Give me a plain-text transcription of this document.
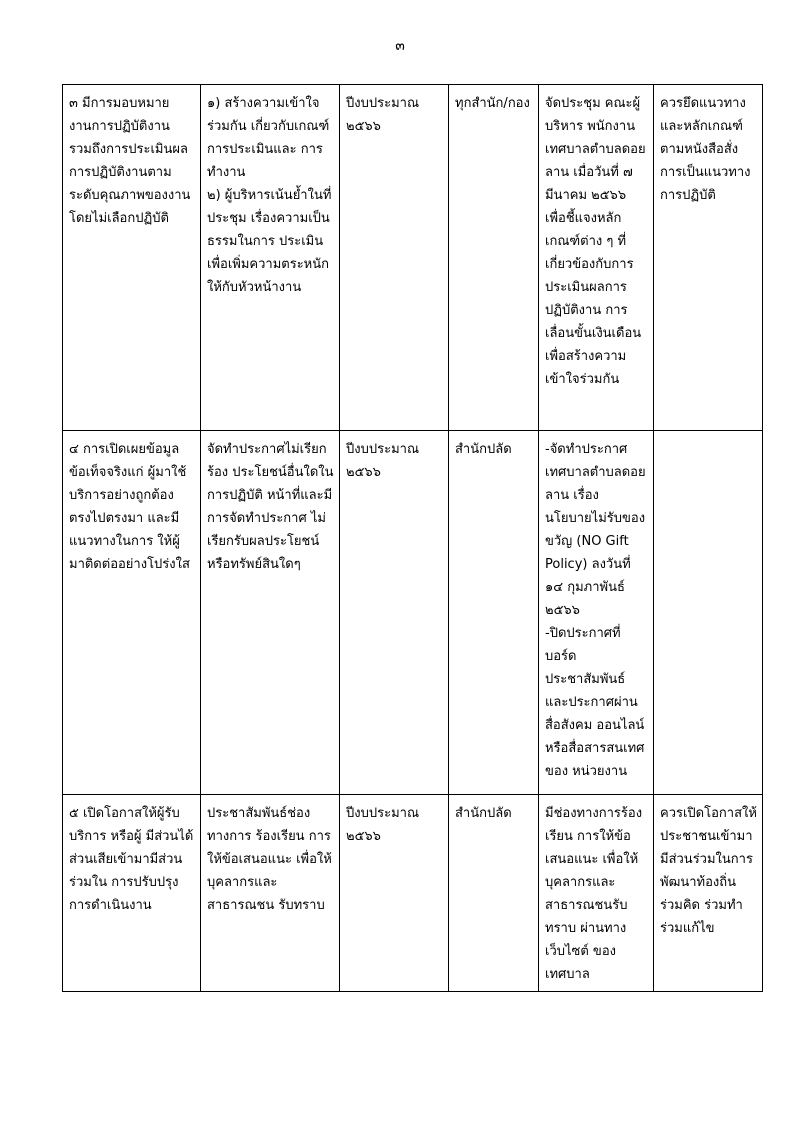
๓
๓ มีการมอบหมายงานการปฏิบัติงาน รวมถึงการประเมินผลการปฏิบัติงานตามระดับคุณภาพของงาน โดยไม่เลือกปฏิบัติ	๑) สร้างความเข้าใจร่วมกัน เกี่ยวกับเกณฑ์การประเมินและ การทำงาน
๒) ผู้บริหารเน้นย้ำในที่ประชุม เรื่องความเป็นธรรมในการ ประเมิน เพื่อเพิ่มความตระหนักให้กับหัวหน้างาน	ปีงบประมาณ ๒๕๖๖	ทุกสำนัก/กอง	จัดประชุม คณะผู้บริหาร พนักงานเทศบาลตำบลดอยลาน เมื่อวันที่ ๗ มีนาคม ๒๕๖๖ เพื่อชี้แจงหลักเกณฑ์ต่าง ๆ ที่เกี่ยวข้องกับการประเมินผลการปฏิบัติงาน การเลื่อนขั้นเงินเดือน เพื่อสร้างความเข้าใจร่วมกัน	ควรยึดแนวทางและหลักเกณฑ์ตามหนังสือสั่งการเป็นแนวทางการปฏิบัติ

๔ การเปิดเผยข้อมูลข้อเท็จจริงแก่ ผู้มาใช้บริการอย่างถูกต้องตรงไปตรงมา และมีแนวทางในการ ให้ผู้มาติดต่ออย่างโปร่งใส	จัดทำประกาศไม่เรียกร้อง ประโยชน์อื่นใดในการปฏิบัติ หน้าที่และมีการจัดทำประกาศ ไม่เรียกรับผลประโยชน์หรือทรัพย์สินใดๆ	ปีงบประมาณ ๒๕๖๖	สำนักปลัด	-จัดทำประกาศเทศบาลตำบลดอยลาน เรื่อง นโยบายไม่รับของขวัญ (NO Gift Policy) ลงวันที่ ๑๔ กุมภาพันธ์ ๒๕๖๖
-ปิดประกาศที่บอร์ด ประชาสัมพันธ์และประกาศผ่านสื่อสังคม ออนไลน์หรือสื่อสารสนเทศของ หน่วยงาน	

๕ เปิดโอกาสให้ผู้รับบริการ หรือผู้ มีส่วนได้ส่วนเสียเข้ามามีส่วนร่วมใน การปรับปรุงการดำเนินงาน	ประชาสัมพันธ์ช่องทางการ ร้องเรียน การให้ข้อเสนอแนะ เพื่อให้บุคลากรและสาธารณชน รับทราบ	ปีงบประมาณ ๒๕๖๖	สำนักปลัด	มีช่องทางการร้องเรียน การให้ข้อเสนอแนะ เพื่อให้บุคลากรและสาธารณชนรับทราบ ผ่านทางเว็บไซต์ ของเทศบาล	ควรเปิดโอกาสให้ประชาชนเข้ามามีส่วนร่วมในการพัฒนาท้องถิ่น ร่วมคิด ร่วมทำ ร่วมแก้ไข
